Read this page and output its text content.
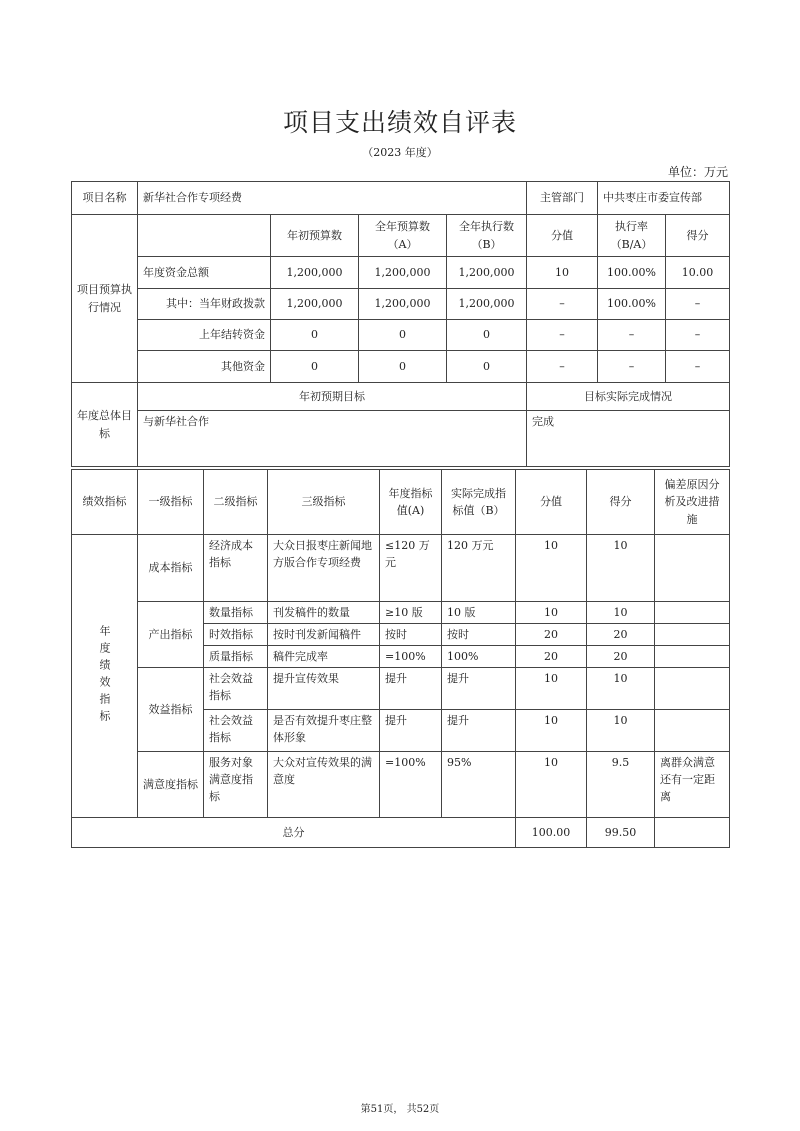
项目支出绩效自评表
（2023 年度）
单位：万元
项目名称	新华社合作专项经费				主管部门	中共枣庄市委宣传部	
项目预算执行情况		年初预算数	全年预算数（A）	全年执行数（B）	分值	执行率（B/A）	得分
	年度资金总额	1,200,000	1,200,000	1,200,000	10	100.00%	10.00
	其中：当年财政拨款	1,200,000	1,200,000	1,200,000	–	100.00%	–
	上年结转资金	0	0	0	–	–	–
	其他资金	0	0	0	–	–	–
年度总体目标	年初预期目标				目标实际完成情况		
	与新华社合作				完成		
绩效指标	一级指标	二级指标	三级指标	年度指标值(A)	实际完成指标值（B）	分值	得分	偏差原因分析及改进措施
年度绩效指标	成本指标	经济成本指标	大众日报枣庄新闻地方版合作专项经费	≤120 万元	120 万元	10	10	
	产出指标	数量指标	刊发稿件的数量	≥10 版	10 版	10	10	
		时效指标	按时刊发新闻稿件	按时	按时	20	20	
		质量指标	稿件完成率	=100%	100%	20	20	
	效益指标	社会效益指标	提升宣传效果	提升	提升	10	10	
		社会效益指标	是否有效提升枣庄整体形象	提升	提升	10	10	
	满意度指标	服务对象满意度指标	大众对宣传效果的满意度	=100%	95%	10	9.5	离群众满意还有一定距离
总分						100.00	99.50	
第51页， 共52页
